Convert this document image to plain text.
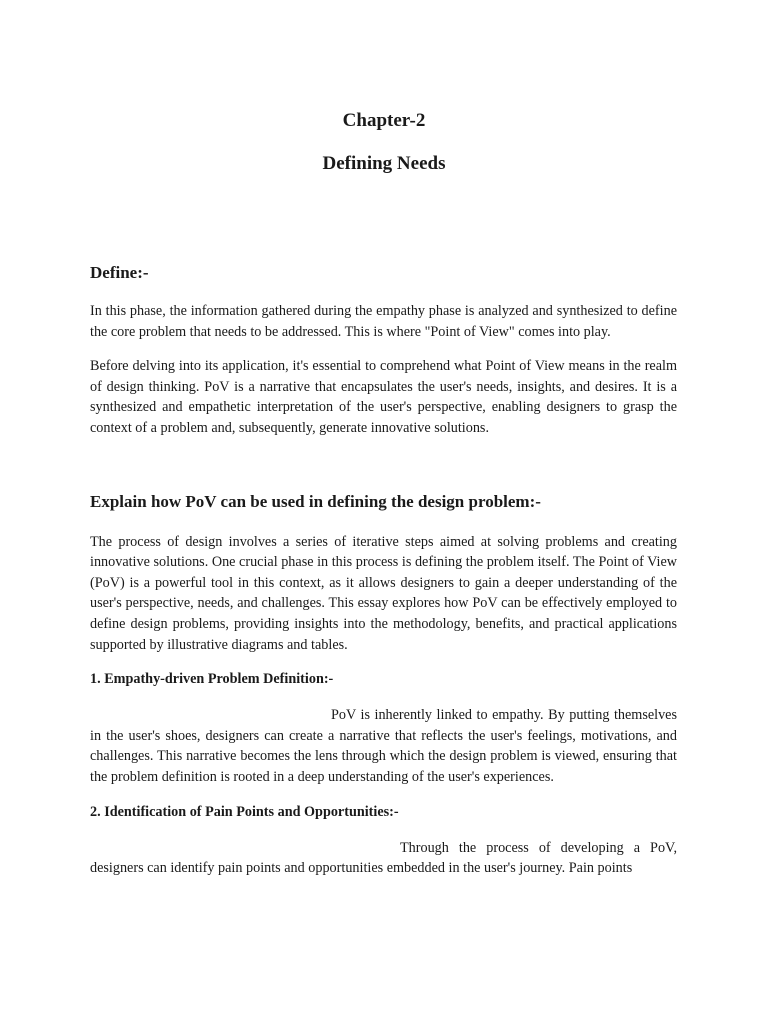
Chapter-2
Defining Needs
Define:-

In this phase, the information gathered during the empathy phase is analyzed and synthesized to define the core problem that needs to be addressed. This is where "Point of View" comes into play.

Before delving into its application, it's essential to comprehend what Point of View means in the realm of design thinking. PoV is a narrative that encapsulates the user's needs, insights, and desires. It is a synthesized and empathetic interpretation of the user's perspective, enabling designers to grasp the context of a problem and, subsequently, generate innovative solutions.

Explain how PoV can be used in defining the design problem:-

The process of design involves a series of iterative steps aimed at solving problems and creating innovative solutions. One crucial phase in this process is defining the problem itself. The Point of View (PoV) is a powerful tool in this context, as it allows designers to gain a deeper understanding of the user's perspective, needs, and challenges. This essay explores how PoV can be effectively employed to define design problems, providing insights into the methodology, benefits, and practical applications supported by illustrative diagrams and tables.

1. Empathy-driven Problem Definition:-

PoV is inherently linked to empathy. By putting themselves in the user's shoes, designers can create a narrative that reflects the user's feelings, motivations, and challenges. This narrative becomes the lens through which the design problem is viewed, ensuring that the problem definition is rooted in a deep understanding of the user's experiences.

2. Identification of Pain Points and Opportunities:-

Through the process of developing a PoV, designers can identify pain points and opportunities embedded in the user's journey. Pain points
